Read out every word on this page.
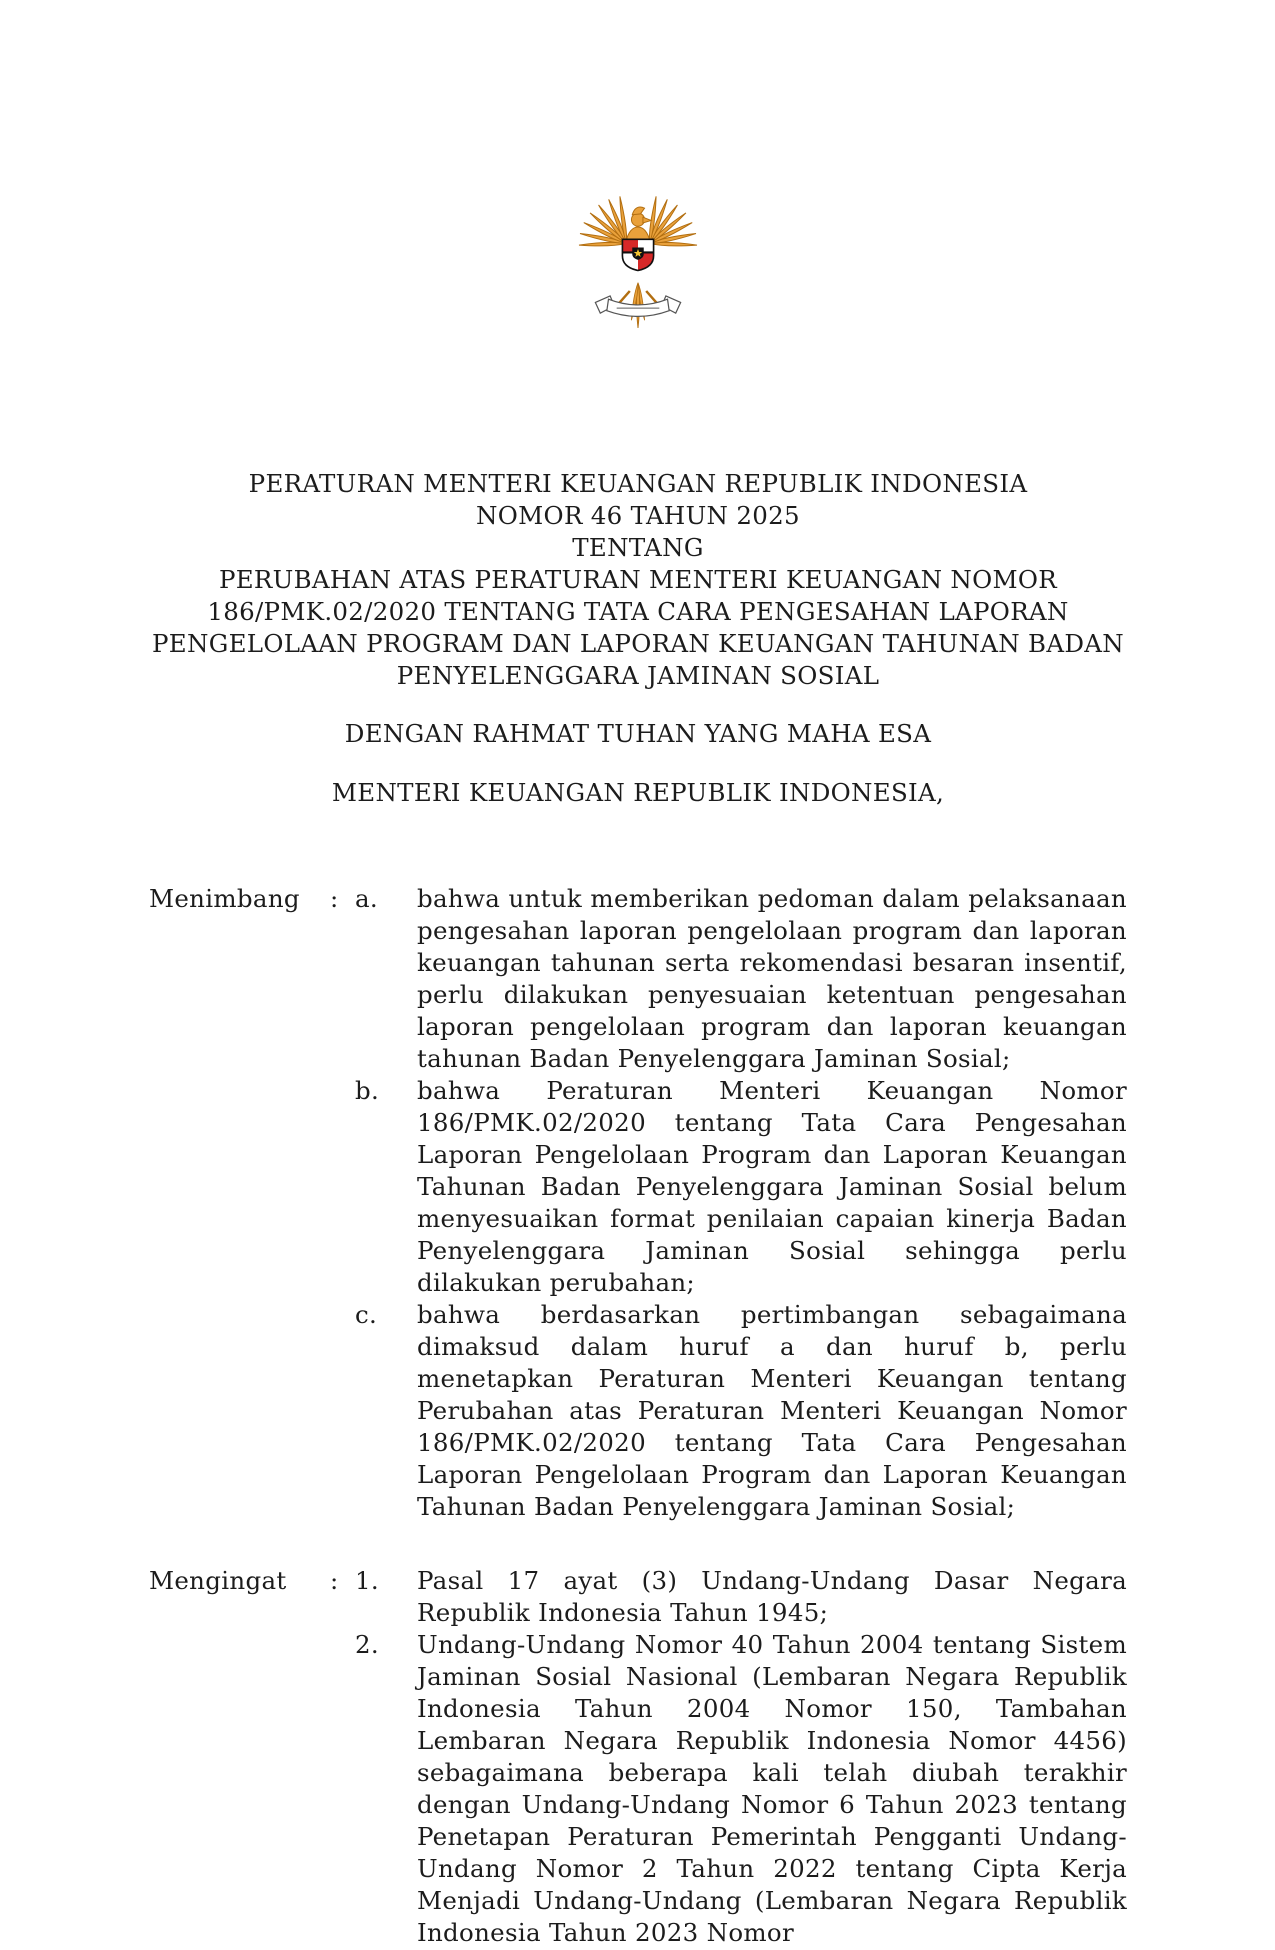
PERATURAN MENTERI KEUANGAN REPUBLIK INDONESIA
NOMOR 46 TAHUN 2025
TENTANG
PERUBAHAN ATAS PERATURAN MENTERI KEUANGAN NOMOR
186/PMK.02/2020 TENTANG TATA CARA PENGESAHAN LAPORAN
PENGELOLAAN PROGRAM DAN LAPORAN KEUANGAN TAHUNAN BADAN
PENYELENGGARA JAMINAN SOSIAL
DENGAN RAHMAT TUHAN YANG MAHA ESA
MENTERI KEUANGAN REPUBLIK INDONESIA,
Menimbang	: a.	bahwa untuk memberikan pedoman dalam pelaksanaan pengesahan laporan pengelolaan program dan laporan keuangan tahunan serta rekomendasi besaran insentif, perlu dilakukan penyesuaian ketentuan pengesahan laporan pengelolaan program dan laporan keuangan tahunan Badan Penyelenggara Jaminan Sosial;
b.	bahwa Peraturan Menteri Keuangan Nomor 186/PMK.02/2020 tentang Tata Cara Pengesahan Laporan Pengelolaan Program dan Laporan Keuangan Tahunan Badan Penyelenggara Jaminan Sosial belum menyesuaikan format penilaian capaian kinerja Badan Penyelenggara Jaminan Sosial sehingga perlu dilakukan perubahan;
c.	bahwa berdasarkan pertimbangan sebagaimana dimaksud dalam huruf a dan huruf b, perlu menetapkan Peraturan Menteri Keuangan tentang Perubahan atas Peraturan Menteri Keuangan Nomor 186/PMK.02/2020 tentang Tata Cara Pengesahan Laporan Pengelolaan Program dan Laporan Keuangan Tahunan Badan Penyelenggara Jaminan Sosial;
Mengingat	: 1.	Pasal 17 ayat (3) Undang-Undang Dasar Negara Republik Indonesia Tahun 1945;
2.	Undang-Undang Nomor 40 Tahun 2004 tentang Sistem Jaminan Sosial Nasional (Lembaran Negara Republik Indonesia Tahun 2004 Nomor 150, Tambahan Lembaran Negara Republik Indonesia Nomor 4456) sebagaimana beberapa kali telah diubah terakhir dengan Undang-Undang Nomor 6 Tahun 2023 tentang Penetapan Peraturan Pemerintah Pengganti Undang-Undang Nomor 2 Tahun 2022 tentang Cipta Kerja Menjadi Undang-Undang (Lembaran Negara Republik Indonesia Tahun 2023 Nomor
